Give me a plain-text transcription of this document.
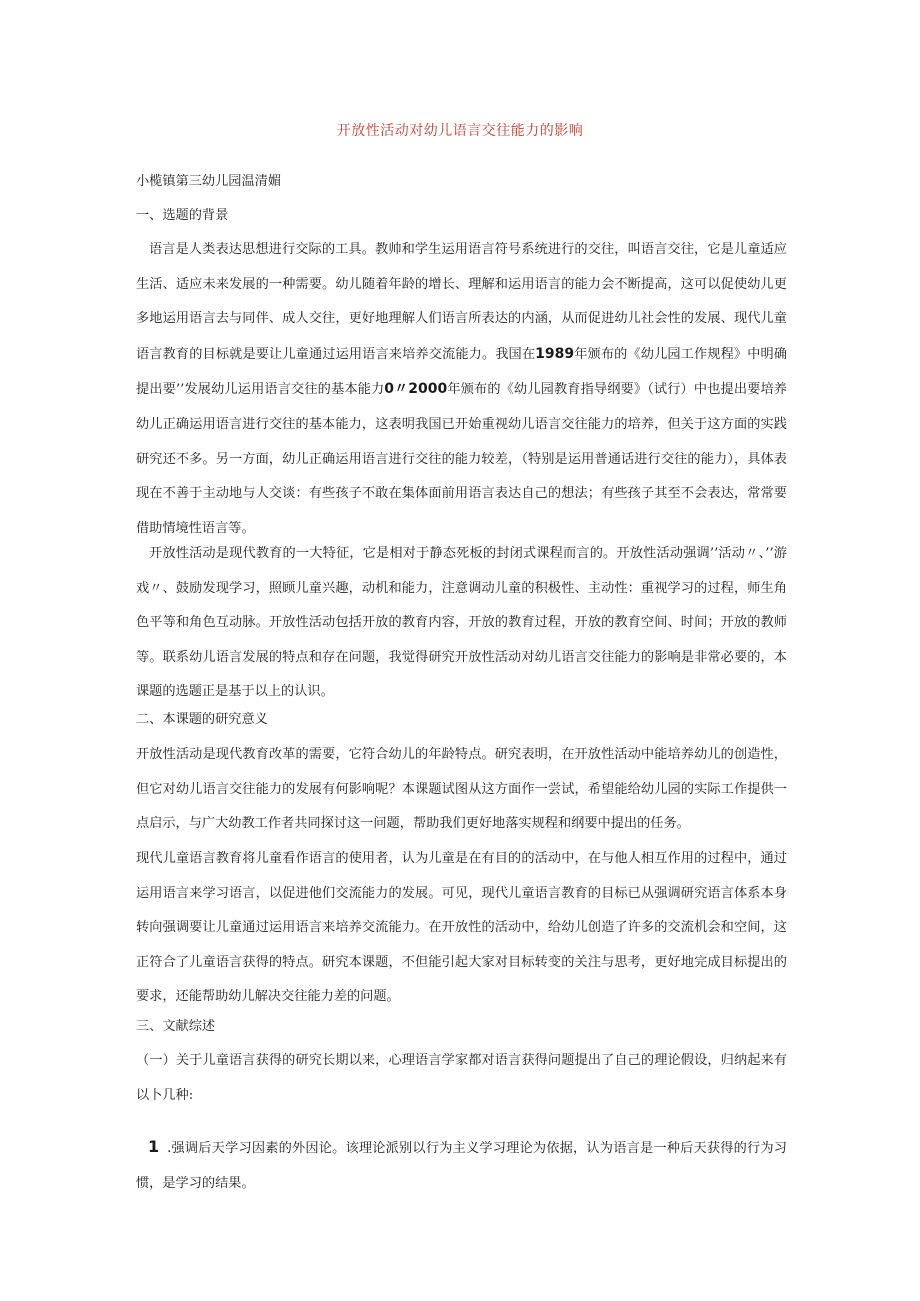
开放性活动对幼儿语言交往能力的影响
小榄镇第三幼儿园温清媚
一、选题的背景

语言是人类表达思想进行交际的工具。教帅和学生运用语言符号系统进行的交往，叫语言交往，它是儿童适应生活、适应未来发展的一种需要。幼儿随着年龄的增长、理解和运用语言的能力会不断提高，这可以促使幼儿更多地运用语言去与同伴、成人交往，更好地理解人们语言所表达的内涵，从而促进幼儿社会性的发展、现代儿童语言教育的目标就是要让儿童通过运用语言来培养交流能力。我国在1989年颁布的《幼儿园工作规程》中明确提出要’’发展幼儿运用语言交往的基本能力0〃2000年颁布的《幼儿园教育指导纲要》（试行）中也提出要培养幼儿正确运用语言进行交往的基本能力，这表明我国已开始重视幼儿语言交往能力的培养，但关于这方面的实践研究还不多。另一方面，幼儿正确运用语言进行交往的能力较差，（特别是运用普通话进行交往的能力），具体表现在不善于主动地与人交谈：有些孩子不敢在集体面前用语言表达自己的想法；有些孩子其至不会表达，常常要借助情境性语言等。

开放性活动是现代教育的一大特征，它是相对于静态死板的封闭式课程而言的。开放性活动强调’’活动〃、’’游戏〃、鼓励发现学习，照顾儿童兴趣，动机和能力，注意调动儿童的积极性、主动性：重视学习的过程，师生角色平等和角色互动脉。开放性活动包括开放的教育内容，开放的教育过程，开放的教育空间、时间；开放的教师等。联系幼儿语言发展的特点和存在问题，我觉得研究开放性活动对幼儿语言交往能力的影响是非常必要的，本课题的选题正是基于以上的认识。

二、本课题的研究意义

开放性活动是现代教育改革的需要，它符合幼儿的年龄特点。研究表明，在开放性活动中能培养幼儿的创造性，但它对幼儿语言交往能力的发展有何影响呢？本课题试图从这方面作一尝试，希望能给幼儿园的实际工作提供一点启示，与广大幼教工作者共同探讨这一问题，帮助我们更好地落实规程和纲要中提出的任务。

现代儿童语言教育将儿童看作语言的使用者，认为儿童是在有目的的活动中，在与他人相互作用的过程中，通过运用语言来学习语言，以促进他们交流能力的发展。可见，现代儿童语言教育的目标已从强调研究语言体系本身转向强调要让儿童通过运用语言来培养交流能力。在开放性的活动中，给幼儿创造了许多的交流机会和空间，这正符合了儿童语言获得的特点。研究本课题，不但能引起大家对目标转变的关注与思考，更好地完成目标提出的要求，还能帮助幼儿解决交往能力差的问题。

三、文献综述

（一）关于儿童语言获得的研究长期以来，心理语言学家都对语言获得问题提出了自己的理论假设，归纳起来有以卜几种:

1 .强调后天学习因素的外因论。该理论派别以行为主义学习理论为依据，认为语言是一种后天获得的行为习惯，是学习的结果。
